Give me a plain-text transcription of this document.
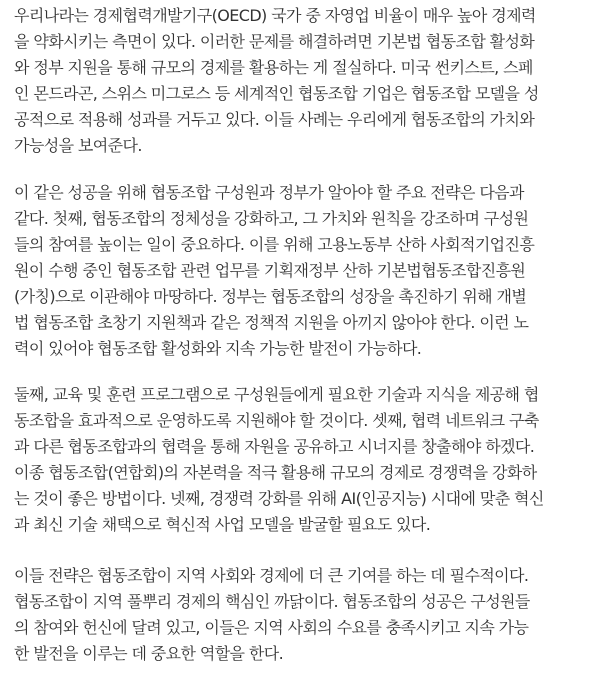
우리나라는 경제협력개발기구(OECD) 국가 중 자영업 비율이 매우 높아 경제력
을 약화시키는 측면이 있다. 이러한 문제를 해결하려면 기본법 협동조합 활성화
와 정부 지원을 통해 규모의 경제를 활용하는 게 절실하다. 미국 썬키스트, 스페
인 몬드라곤, 스위스 미그로스 등 세계적인 협동조합 기업은 협동조합 모델을 성
공적으로 적용해 성과를 거두고 있다. 이들 사례는 우리에게 협동조합의 가치와
가능성을 보여준다.

이 같은 성공을 위해 협동조합 구성원과 정부가 알아야 할 주요 전략은 다음과
같다. 첫째, 협동조합의 정체성을 강화하고, 그 가치와 원칙을 강조하며 구성원
들의 참여를 높이는 일이 중요하다. 이를 위해 고용노동부 산하 사회적기업진흥
원이 수행 중인 협동조합 관련 업무를 기획재정부 산하 기본법협동조합진흥원
(가칭)으로 이관해야 마땅하다. 정부는 협동조합의 성장을 촉진하기 위해 개별
법 협동조합 초창기 지원책과 같은 정책적 지원을 아끼지 않아야 한다. 이런 노
력이 있어야 협동조합 활성화와 지속 가능한 발전이 가능하다.

둘째, 교육 및 훈련 프로그램으로 구성원들에게 필요한 기술과 지식을 제공해 협
동조합을 효과적으로 운영하도록 지원해야 할 것이다. 셋째, 협력 네트워크 구축
과 다른 협동조합과의 협력을 통해 자원을 공유하고 시너지를 창출해야 하겠다.
이종 협동조합(연합회)의 자본력을 적극 활용해 규모의 경제로 경쟁력을 강화하
는 것이 좋은 방법이다. 넷째, 경쟁력 강화를 위해 AI(인공지능) 시대에 맞춘 혁신
과 최신 기술 채택으로 혁신적 사업 모델을 발굴할 필요도 있다.

이들 전략은 협동조합이 지역 사회와 경제에 더 큰 기여를 하는 데 필수적이다.
협동조합이 지역 풀뿌리 경제의 핵심인 까닭이다. 협동조합의 성공은 구성원들
의 참여와 헌신에 달려 있고, 이들은 지역 사회의 수요를 충족시키고 지속 가능
한 발전을 이루는 데 중요한 역할을 한다.
